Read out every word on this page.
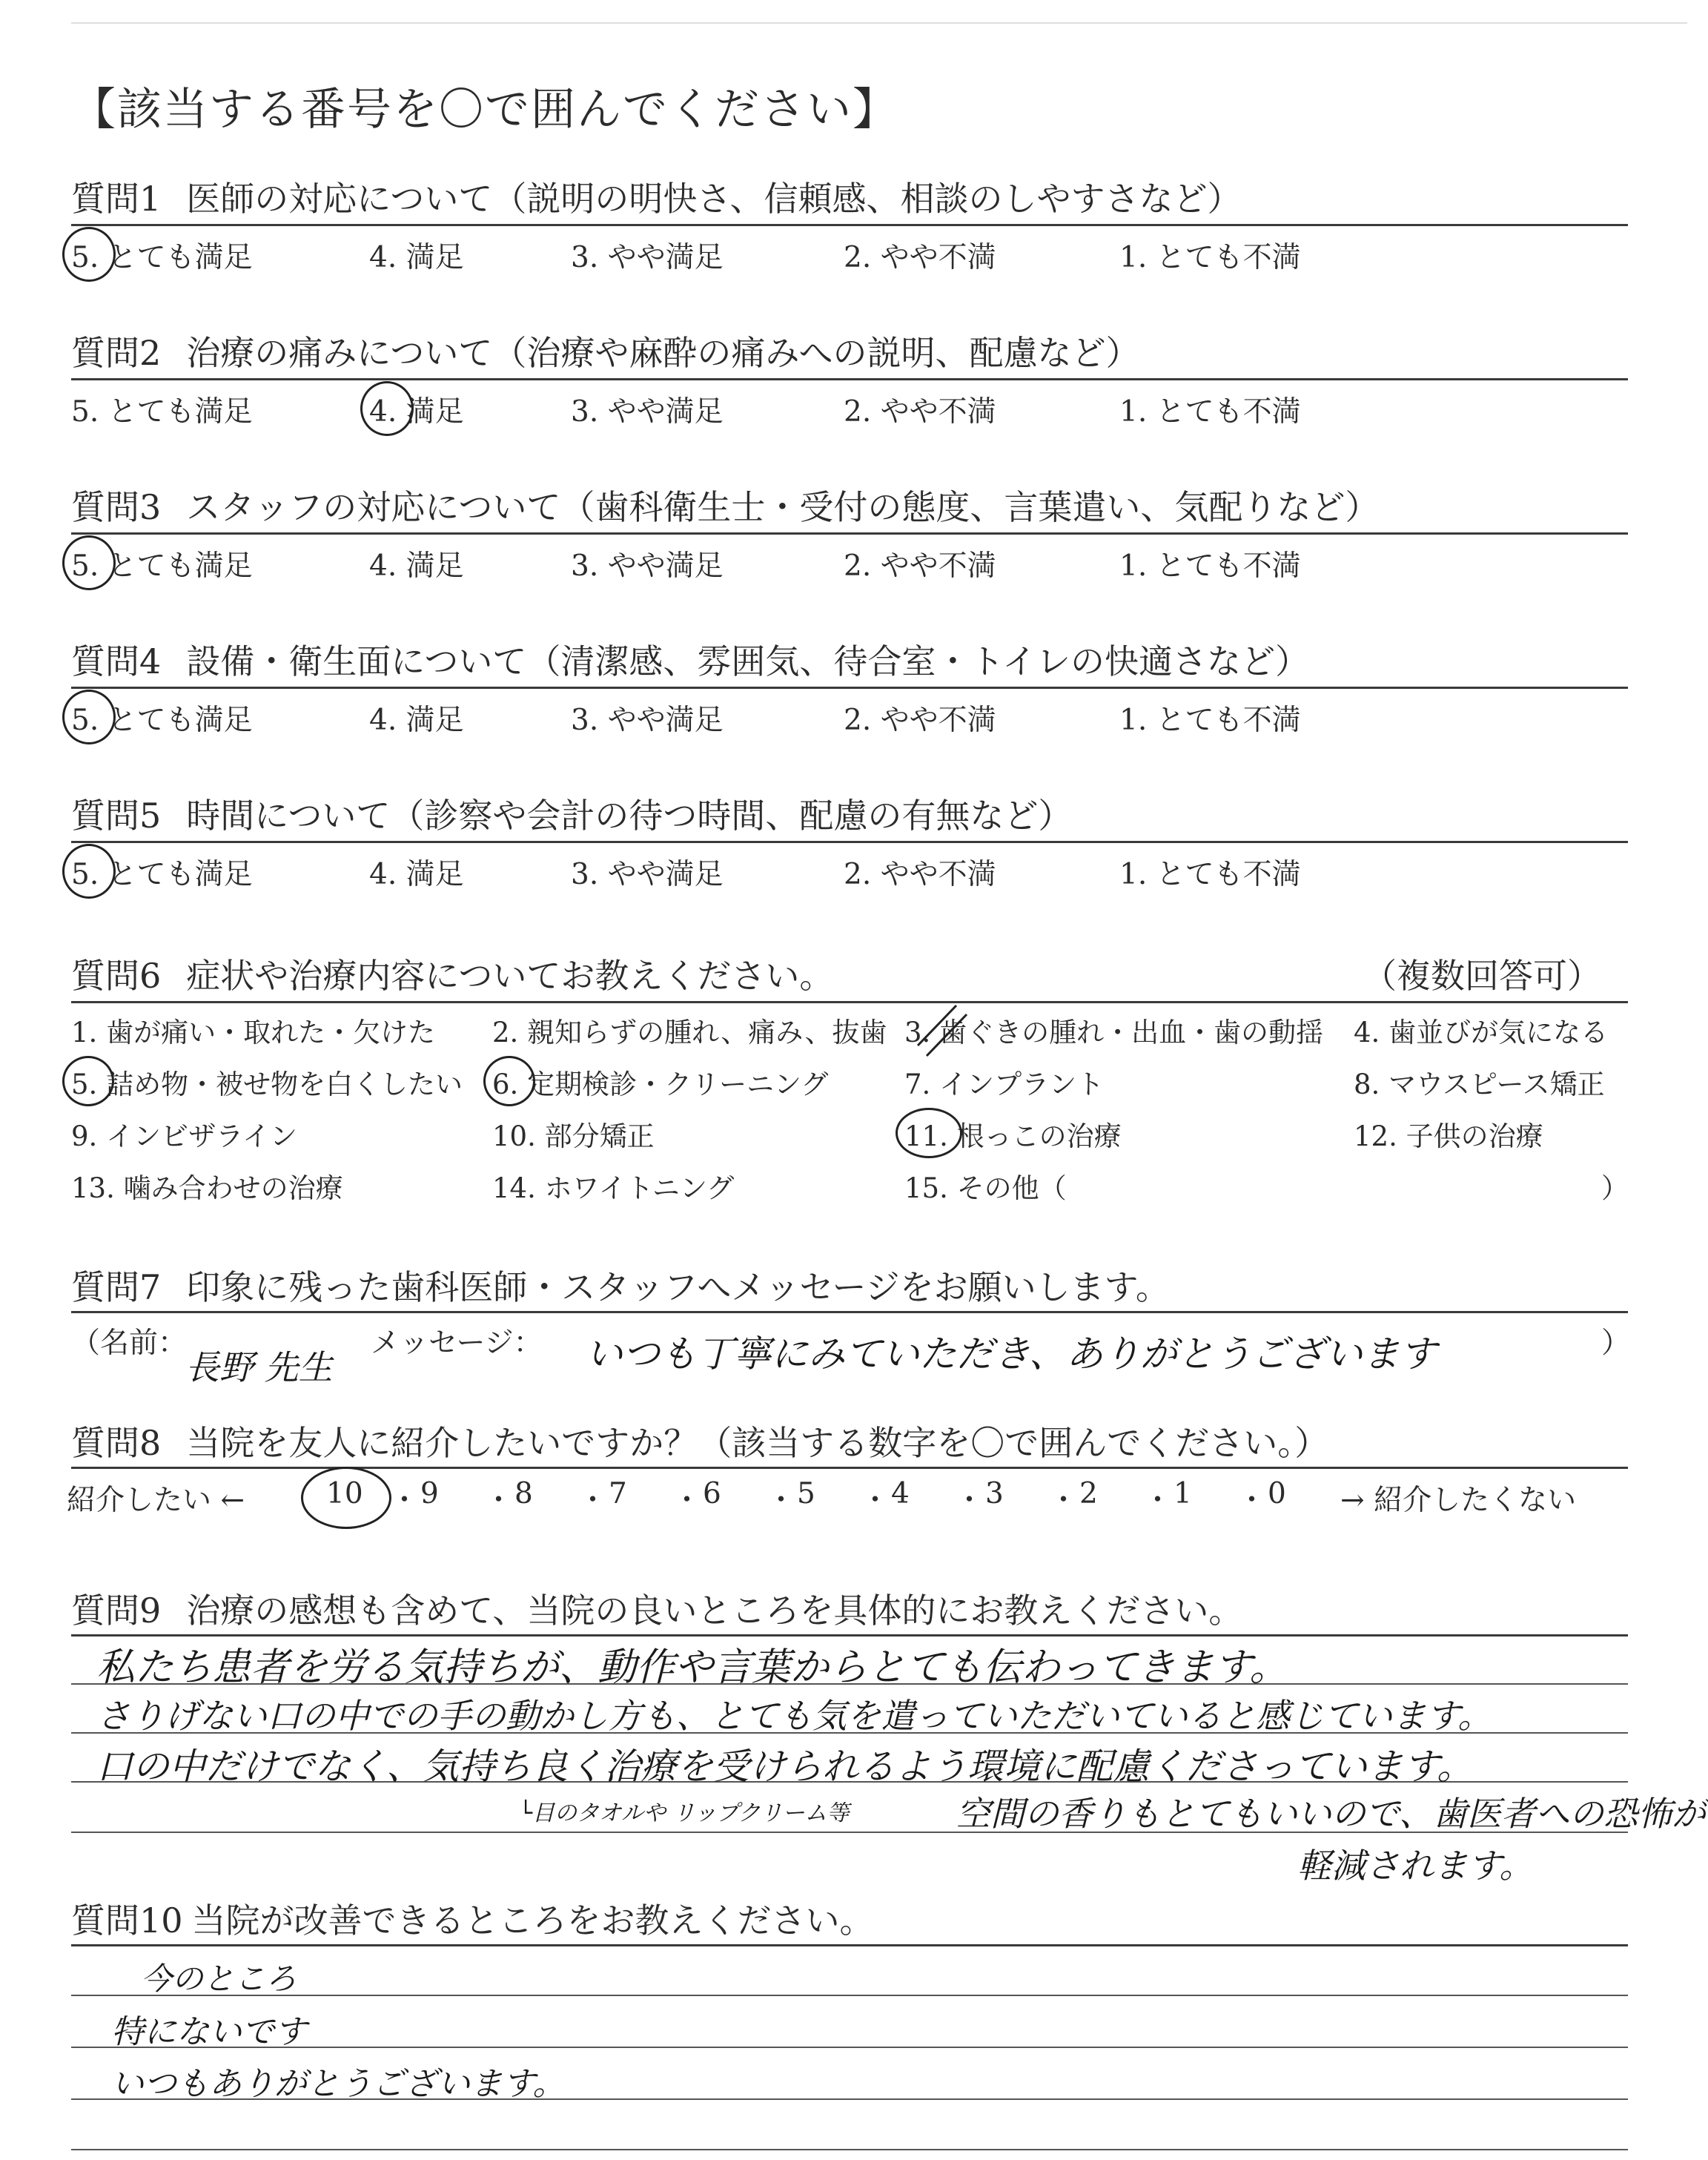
【該当する番号を〇で囲んでください】
質問1 医師の対応について（説明の明快さ、信頼感、相談のしやすさなど）
5. とても満足	4. 満足	3. やや満足	2. やや不満	1. とても不満
質問2 治療の痛みについて（治療や麻酔の痛みへの説明、配慮など）
5. とても満足	4. 満足	3. やや満足	2. やや不満	1. とても不満
質問3 スタッフの対応について（歯科衛生士・受付の態度、言葉遣い、気配りなど）
5. とても満足	4. 満足	3. やや満足	2. やや不満	1. とても不満
質問4 設備・衛生面について（清潔感、雰囲気、待合室・トイレの快適さなど）
5. とても満足	4. 満足	3. やや満足	2. やや不満	1. とても不満
質問5 時間について（診察や会計の待つ時間、配慮の有無など）
5. とても満足	4. 満足	3. やや満足	2. やや不満	1. とても不満
質問6 症状や治療内容についてお教えください。	（複数回答可）
1. 歯が痛い・取れた・欠けた 2. 親知らずの腫れ、痛み、抜歯 3. 歯ぐきの腫れ・出血・歯の動揺 4. 歯並びが気になる
5. 詰め物・被せ物を白くしたい 6. 定期検診・クリーニング	7. インプラント	8. マウスピース矯正
9. インビザライン	10. 部分矯正	11. 根っこの治療	12. 子供の治療
13. 噛み合わせの治療	14. ホワイトニング	15. その他（	）
質問7 印象に残った歯科医師・スタッフへメッセージをお願いします。
（名前：
長野 先生
メッセージ： いつも丁寧にみていただき、ありがとうございます	）
質問8 当院を友人に紹介したいですか？（該当する数字を〇で囲んでください。）
紹介したい ←	10 ・ 9 ・ 8 ・ 7 ・ 6 ・ 5 ・ 4 ・ 3 ・ 2 ・ 1 ・ 0 → 紹介したくない
質問9 治療の感想も含めて、当院の良いところを具体的にお教えください。
私たち患者を労る気持ちが、動作や言葉からとても伝わってきます。
さりげない口の中での手の動かし方も、とても気を遣っていただいていると感じています。
口の中だけでなく、気持ち良く治療を受けられるよう環境に配慮くださっています。
└目のタオルや リップクリーム等	空間の香りもとてもいいので、歯医者への恐怖が
軽減されます。
質問10 当院が改善できるところをお教えください。
今のところ
特にないです
いつもありがとうございます。
